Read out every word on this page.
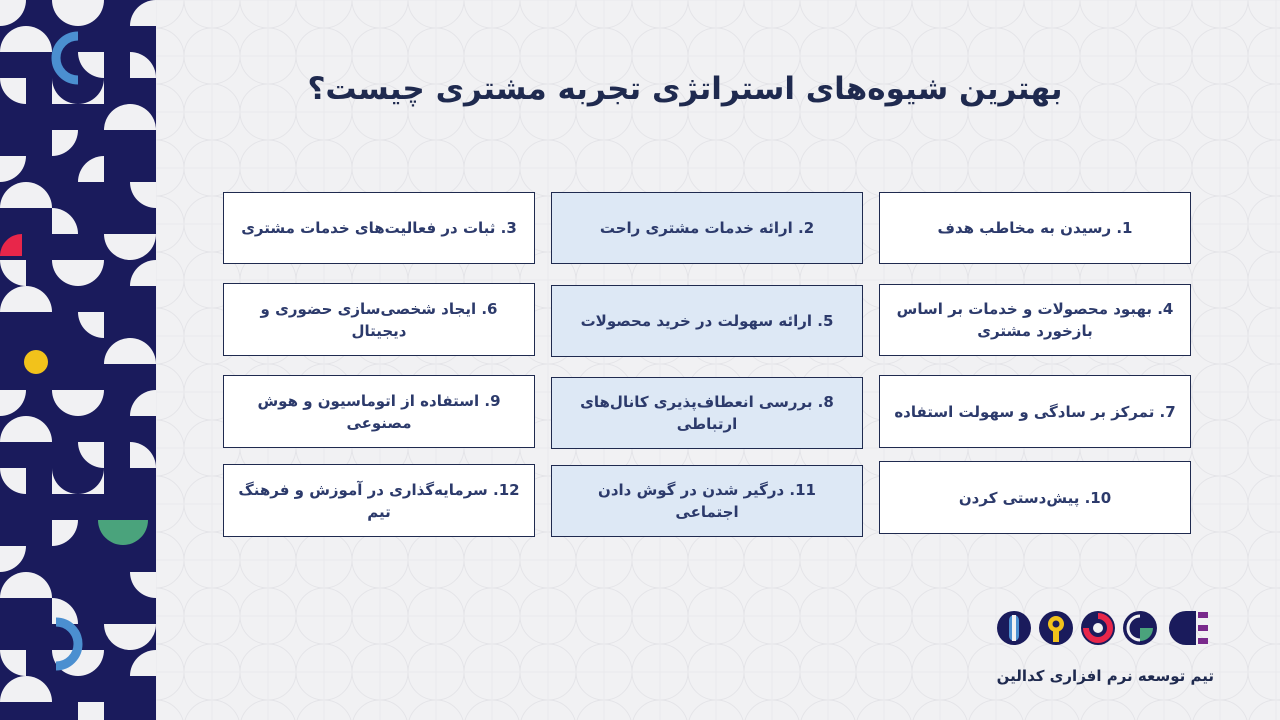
بهترین شیوه‌های استراتژی تجربه مشتری چیست؟
1. رسیدن به مخاطب هدف
2. ارائه خدمات مشتری راحت
3. ثبات در فعالیت‌های خدمات مشتری
4. بهبود محصولات و خدمات بر اساس بازخورد مشتری
5. ارائه سهولت در خرید محصولات
6. ایجاد شخصی‌سازی حضوری و دیجیتال
7. تمرکز بر سادگی و سهولت استفاده
8. بررسی انعطاف‌پذیری کانال‌های ارتباطی
9. استفاده از اتوماسیون و هوش مصنوعی
10. پیش‌دستی کردن
11. درگیر شدن در گوش دادن اجتماعی
12. سرمایه‌گذاری در آموزش و فرهنگ تیم
تیم توسعه نرم افزاری کدالین
